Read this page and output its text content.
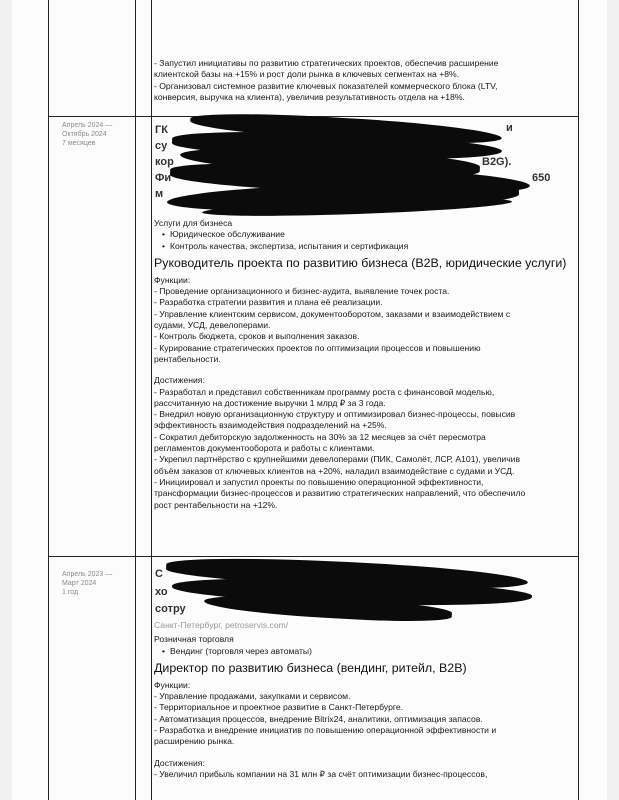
- Запустил инициативы по развитию стратегических проектов, обеспечив расширение

клиентской базы на +15% и рост доли рынка в ключевых сегментах на +8%.

- Организовал системное развитие ключевых показателей коммерческого блока (LTV,

конверсия, выручка на клиента), увеличив результативность отдела на +18%.

Апрель 2024 —
Октябрь 2024
7 месяцев
ГК	и
су
кор	B2G).
Фи	650
м

Услуги для бизнеса

• Юридическое обслуживание
• Контроль качества, экспертиза, испытания и сертификация

Руководитель проекта по развитию бизнеса (B2B, юридические услуги)

Функции:

- Проведение организационного и бизнес-аудита, выявление точек роста.

- Разработка стратегии развития и плана её реализации.

- Управление клиентским сервисом, документооборотом, заказами и взаимодействием с

судами, УСД, девелоперами.

- Контроль бюджета, сроков и выполнения заказов.

- Курирование стратегических проектов по оптимизации процессов и повышению

рентабельности.

Достижения:

- Разработал и представил собственникам программу роста с финансовой моделью,

рассчитанную на достижение выручки 1 млрд ₽ за 3 года.

- Внедрил новую организационную структуру и оптимизировал бизнес-процессы, повысив

эффективность взаимодействия подразделений на +25%.

- Сократил дебиторскую задолженность на 30% за 12 месяцев за счёт пересмотра

регламентов документооборота и работы с клиентами.

- Укрепил партнёрство с крупнейшими девелоперами (ПИК, Самолёт, ЛСР, А101), увеличив

объём заказов от ключевых клиентов на +20%, наладил взаимодействие с судами и УСД.

- Инициировал и запустил проекты по повышению операционной эффективности,

трансформации бизнес-процессов и развитию стратегических направлений, что обеспечило

рост рентабельности на +12%.

Апрель 2023 —
Март 2024
1 год
С
хо
сотру

Санкт-Петербург, petroservis.com/

Розничная торговля

• Вендинг (торговля через автоматы)

Директор по развитию бизнеса (вендинг, ритейл, B2B)

Функции:

- Управление продажами, закупками и сервисом.

- Территориальное и проектное развитие в Санкт-Петербурге.

- Автоматизация процессов, внедрение Bitrix24, аналитики, оптимизация запасов.

- Разработка и внедрение инициатив по повышению операционной эффективности и

расширению рынка.

Достижения:

- Увеличил прибыль компании на 31 млн ₽ за счёт оптимизации бизнес-процессов,
